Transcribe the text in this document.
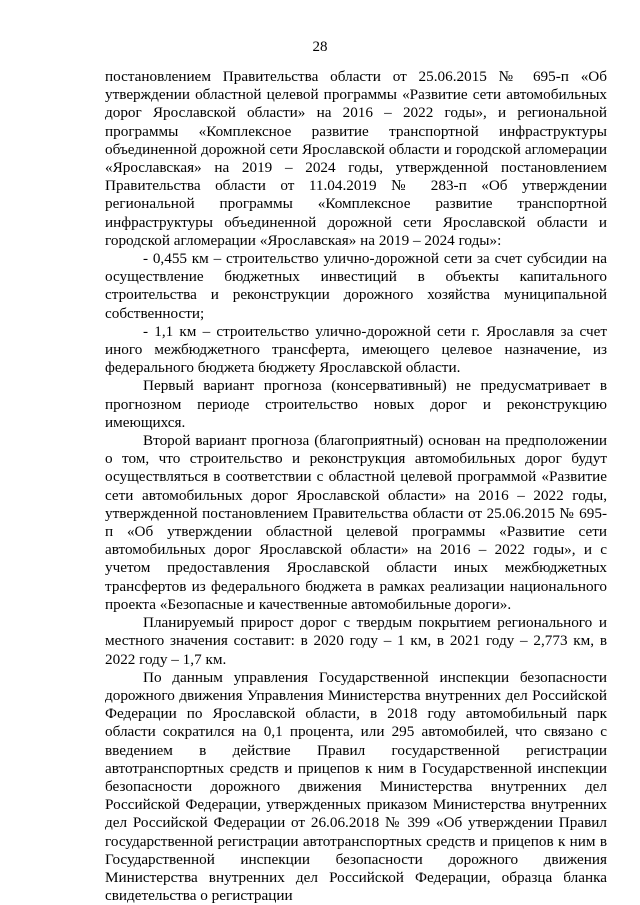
28

постановлением Правительства области от 25.06.2015 № 695-п «Об утверждении областной целевой программы «Развитие сети автомобильных дорог Ярославской области» на 2016 – 2022 годы», и региональной программы «Комплексное развитие транспортной инфраструктуры объединенной дорожной сети Ярославской области и городской агломерации «Ярославская» на 2019 – 2024 годы, утвержденной постановлением Правительства области от 11.04.2019 № 283-п «Об утверждении региональной программы «Комплексное развитие транспортной инфраструктуры объединенной дорожной сети Ярославской области и городской агломерации «Ярославская» на 2019 – 2024 годы»:

- 0,455 км – строительство улично-дорожной сети за счет субсидии на осуществление бюджетных инвестиций в объекты капитального строительства и реконструкции дорожного хозяйства муниципальной собственности;

- 1,1 км – строительство улично-дорожной сети г. Ярославля за счет иного межбюджетного трансферта, имеющего целевое назначение, из федерального бюджета бюджету Ярославской области.

Первый вариант прогноза (консервативный) не предусматривает в прогнозном периоде строительство новых дорог и реконструкцию имеющихся.

Второй вариант прогноза (благоприятный) основан на предположении о том, что строительство и реконструкция автомобильных дорог будут осуществляться в соответствии с областной целевой программой «Развитие сети автомобильных дорог Ярославской области» на 2016 – 2022 годы, утвержденной постановлением Правительства области от 25.06.2015 № 695-п «Об утверждении областной целевой программы «Развитие сети автомобильных дорог Ярославской области» на 2016 – 2022 годы», и с учетом предоставления Ярославской области иных межбюджетных трансфертов из федерального бюджета в рамках реализации национального проекта «Безопасные и качественные автомобильные дороги».

Планируемый прирост дорог с твердым покрытием регионального и местного значения составит: в 2020 году – 1 км, в 2021 году – 2,773 км, в 2022 году – 1,7 км.

По данным управления Государственной инспекции безопасности дорожного движения Управления Министерства внутренних дел Российской Федерации по Ярославской области, в 2018 году автомобильный парк области сократился на 0,1 процента, или 295 автомобилей, что связано с введением в действие Правил государственной регистрации автотранспортных средств и прицепов к ним в Государственной инспекции безопасности дорожного движения Министерства внутренних дел Российской Федерации, утвержденных приказом Министерства внутренних дел Российской Федерации от 26.06.2018 № 399 «Об утверждении Правил государственной регистрации автотранспортных средств и прицепов к ним в Государственной инспекции безопасности дорожного движения Министерства внутренних дел Российской Федерации, образца бланка свидетельства о регистрации
